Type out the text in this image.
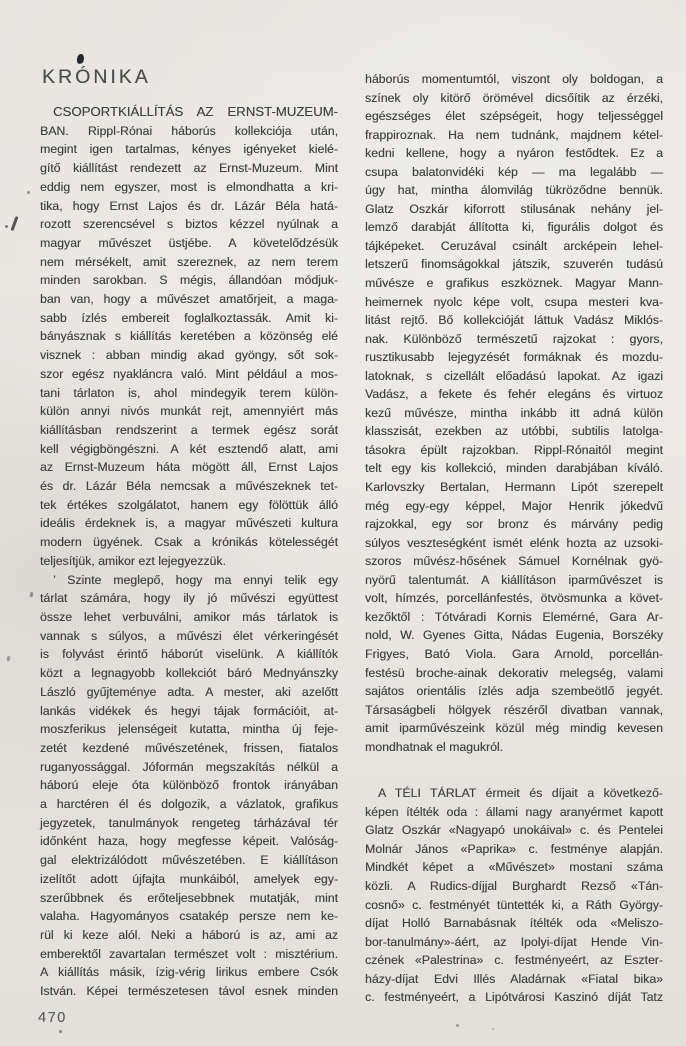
KRÓNIKA
CSOPORTKIÁLLÍTÁS AZ ERNST-MUZEUM-
BAN. Rippl-Rónai háborús kollekciója után,
megint igen tartalmas, kényes igényeket kielé-
gítő kiállítást rendezett az Ernst-Muzeum. Mint
eddig nem egyszer, most is elmondhatta a kri-
tika, hogy Ernst Lajos és dr. Lázár Béla hatá-
rozott szerencsével s biztos kézzel nyúlnak a
magyar művészet üstjébe. A követelődzésük
nem mérsékelt, amit szereznek, az nem terem
minden sarokban. S mégis, állandóan módjuk-
ban van, hogy a művészet amatőrjeit, a maga-
sabb ízlés embereit foglalkoztassák. Amit ki-
bányásznak s kiállítás keretében a közönség elé
visznek : abban mindig akad gyöngy, sőt sok-
szor egész nyakláncra való. Mint például a mos-
tani tárlaton is, ahol mindegyik terem külön-
külön annyi nivós munkát rejt, amennyiért más
kiállításban rendszerint a termek egész sorát
kell végigböngészni. A két esztendő alatt, ami
az Ernst-Muzeum háta mögött áll, Ernst Lajos
és dr. Lázár Béla nemcsak a művészeknek tet-
tek értékes szolgálatot, hanem egy fölöttük álló
ideális érdeknek is, a magyar művészeti kultura
modern ügyének. Csak a krónikás kötelességét
teljesítjük, amikor ezt lejegyezzük.
’ Szinte meglepő, hogy ma ennyi telik egy
tárlat számára, hogy ily jó művészi együttest
össze lehet verbuválni, amikor más tárlatok is
vannak s súlyos, a művészi élet vérkeringését
is folyvást érintő háborút viselünk. A kiállítók
közt a legnagyobb kollekciót báró Mednyánszky
László gyűjteménye adta. A mester, aki azelőtt
lankás vidékek és hegyi tájak formációit, at-
moszferikus jelenségeit kutatta, mintha új feje-
zetét kezdené művészetének, frissen, fiatalos
ruganyossággal. Jóformán megszakítás nélkül a
háború eleje óta különböző frontok irányában
a harctéren él és dolgozik, a vázlatok, grafikus
jegyzetek, tanulmányok rengeteg tárházával tér
időnként haza, hogy megfesse képeit. Valóság-
gal elektrizálódott művészetében. E kiállításon
izelítőt adott újfajta munkáiból, amelyek egy-
szerűbbnek és erőteljesebbnek mutatják, mint
valaha. Hagyományos csatakép persze nem ke-
rül ki keze alól. Neki a háború is az, ami az
emberektől zavartalan természet volt : misztérium.
A kiállítás másik, ízig-vérig lirikus embere Csók
István. Képei természetesen távol esnek minden
háborús momentumtól, viszont oly boldogan, a
színek oly kitörő örömével dicsőítik az érzéki,
egészséges élet szépségeit, hogy teljességgel
frappiroznak. Ha nem tudnánk, majdnem kétel-
kedni kellene, hogy a nyáron festődtek. Ez a
csupa balatonvidéki kép — ma legalább —
úgy hat, mintha álomvilág tükröződne bennük.
Glatz Oszkár kiforrott stilusának nehány jel-
lemző darabját állította ki, figurális dolgot és
tájképeket. Ceruzával csinált arcképein lehel-
letszerű finomságokkal játszik, szuverén tudású
művésze e grafikus eszköznek. Magyar Mann-
heimernek nyolc képe volt, csupa mesteri kva-
litást rejtő. Bő kollekcióját láttuk Vadász Miklós-
nak. Különböző természetű rajzokat : gyors,
rusztikusabb lejegyzését formáknak és mozdu-
latoknak, s cizellált előadású lapokat. Az igazi
Vadász, a fekete és fehér elegáns és virtuoz
kezű művésze, mintha inkább itt adná külön
klasszisát, ezekben az utóbbi, subtilis latolga-
tásokra épült rajzokban. Rippl-Rónaitól megint
telt egy kis kollekció, minden darabjában kíváló.
Karlovszky Bertalan, Hermann Lipót szerepelt
még egy-egy képpel, Major Henrik jókedvű
rajzokkal, egy sor bronz és márvány pedig
súlyos veszteségként ismét elénk hozta az uzsoki-
szoros művész-hősének Sámuel Kornélnak gyö-
nyörű talentumát. A kiállításon iparművészet is
volt, hímzés, porcellánfestés, ötvösmunka a követ-
kezőktől : Tótváradi Kornis Elemérné, Gara Ar-
nold, W. Gyenes Gitta, Nádas Eugenia, Borszéky
Frigyes, Bató Viola. Gara Arnold, porcellán-
festésü broche-ainak dekorativ melegség, valami
sajátos orientális ízlés adja szembeötlő jegyét.
Társaságbeli hölgyek részéről divatban vannak,
amit iparművészeink közül még mindig kevesen
mondhatnak el magukról.
A TÉLI TÁRLAT érmeit és díjait a következő-
képen ítélték oda : állami nagy aranyérmet kapott
Glatz Oszkár «Nagyapó unokáival» c. és Pentelei
Molnár János «Paprika» c. festménye alapján.
Mindkét képet a «Művészet» mostani száma
közli. A Rudics-díjjal Burghardt Rezső «Tán-
cosnő» c. festményét tüntették ki, a Ráth György-
díjat Holló Barnabásnak ítélték oda «Meliszo-
bor-tanulmány»-áért, az Ipolyi-díjat Hende Vin-
czének «Palestrina» c. festményeért, az Eszter-
házy-díjat Edvi Illés Aladárnak «Fiatal bika»
c. festményeért, a Lipótvárosi Kaszinó díját Tatz
470
